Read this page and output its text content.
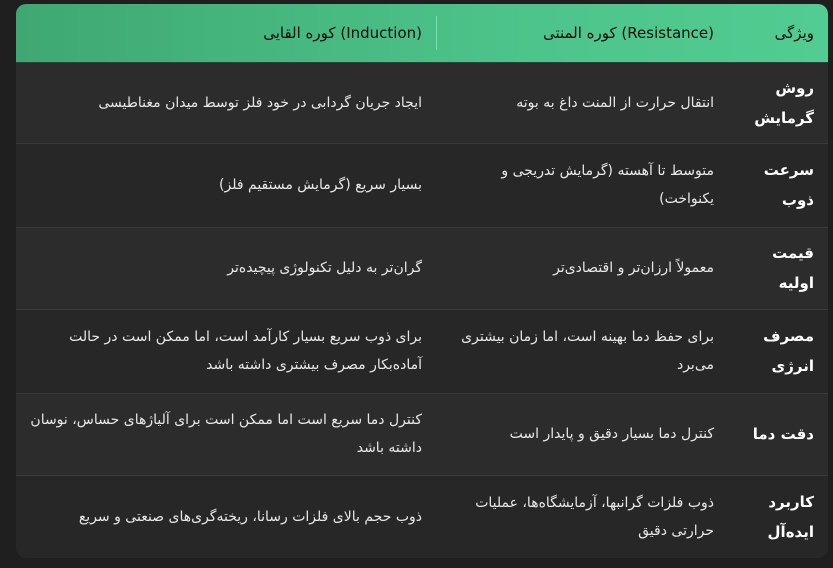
ویژگی	(Resistance) کوره المنتی	(Induction) کوره القایی
روش گرمایش	انتقال حرارت از المنت داغ به بوته	ایجاد جریان گردابی در خود فلز توسط میدان مغناطیسی
سرعت ذوب	متوسط تا آهسته (گرمایش تدریجی و یکنواخت)	بسیار سریع (گرمایش مستقیم فلز)
قیمت اولیه	معمولاً ارزان‌تر و اقتصادی‌تر	گران‌تر به دلیل تکنولوژی پیچیده‌تر
مصرف انرژی	برای حفظ دما بهینه است، اما زمان بیشتری می‌برد	برای ذوب سریع بسیار کارآمد است، اما ممکن است در حالت آماده‌بکار مصرف بیشتری داشته باشد
دقت دما	کنترل دما بسیار دقیق و پایدار است	کنترل دما سریع است اما ممکن است برای آلیاژهای حساس، نوسان داشته باشد
کاربرد ایده‌آل	ذوب فلزات گرانبها، آزمایشگاه‌ها، عملیات حرارتی دقیق	ذوب حجم بالای فلزات رسانا، ریخته‌گری‌های صنعتی و سریع
